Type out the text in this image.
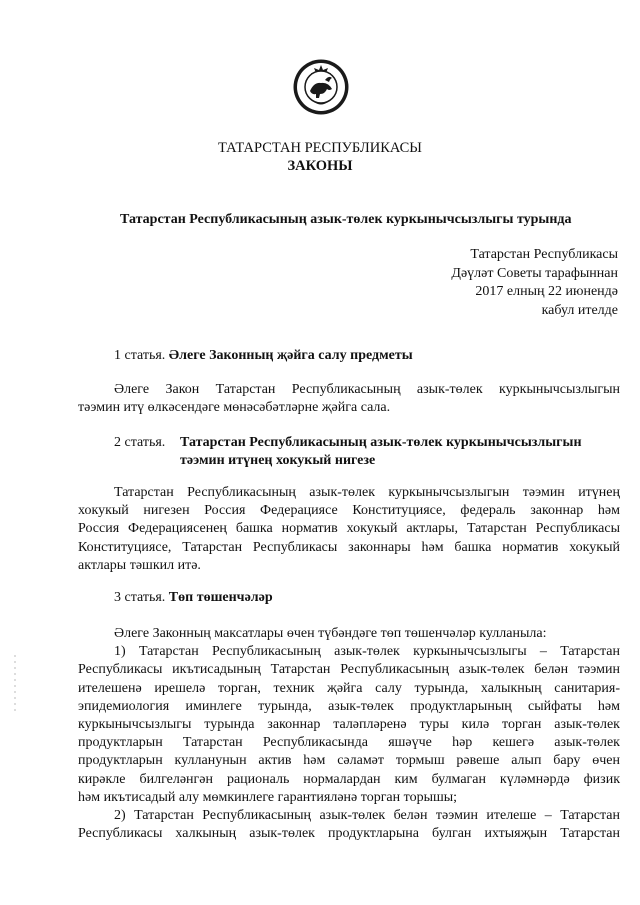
ТАТАРСТАН РЕСПУБЛИКАСЫ
ЗАКОНЫ
Татарстан Республикасының азык-төлек куркынычсызлыгы турында
Татарстан Республикасы
Дәүләт Советы тарафыннан
2017 елның 22 июнендә
кабул ителде
1 статья. Әлеге Законның җәйга салу предметы
Әлеге Закон Татарстан Республикасының азык-төлек куркынычсызлыгын
тәэмин итү өлкәсендәге мөнәсәбәтләрне җәйга сала.
2 статья. Татарстан Республикасының азык-төлек куркынычсызлыгын тәэмин итүнең хокукый нигезе
Татарстан Республикасының азык-төлек куркынычсызлыгын тәэмин итүнең
хокукый нигезен Россия Федерациясе Конституциясе, федераль законнар һәм
Россия Федерациясенең башка норматив хокукый актлары, Татарстан Республикасы
Конституциясе, Татарстан Республикасы законнары һәм башка норматив хокукый
актлары тәшкил итә.
3 статья. Төп төшенчәләр
Әлеге Законның максатлары өчен түбәндәге төп төшенчәләр кулланыла:
1) Татарстан Республикасының азык-төлек куркынычсызлыгы – Татарстан
Республикасы икътисадының Татарстан Республикасының азык-төлек белән тәэмин
ителешенә ирешелә торган, техник җәйга салу турында, халыкның санитария-
эпидемиология иминлеге турында, азык-төлек продуктларының сыйфаты һәм
куркынычсызлыгы турында законнар таләпләренә туры килә торган азык-төлек
продуктларын Татарстан Республикасында яшәүче һәр кешегә азык-төлек
продуктларын кулланунын актив һәм сәламәт тормыш рәвеше алып бару өчен
кирәкле билгеләнгән рациональ нормалардан ким булмаган күләмнәрдә физик
һәм икътисадый алу мөмкинлеге гарантияләнә торган торышы;
2) Татарстан Республикасының азык-төлек белән тәэмин ителеше – Татарстан
Республикасы халкының азык-төлек продуктларына булган ихтыяҗын Татарстан
